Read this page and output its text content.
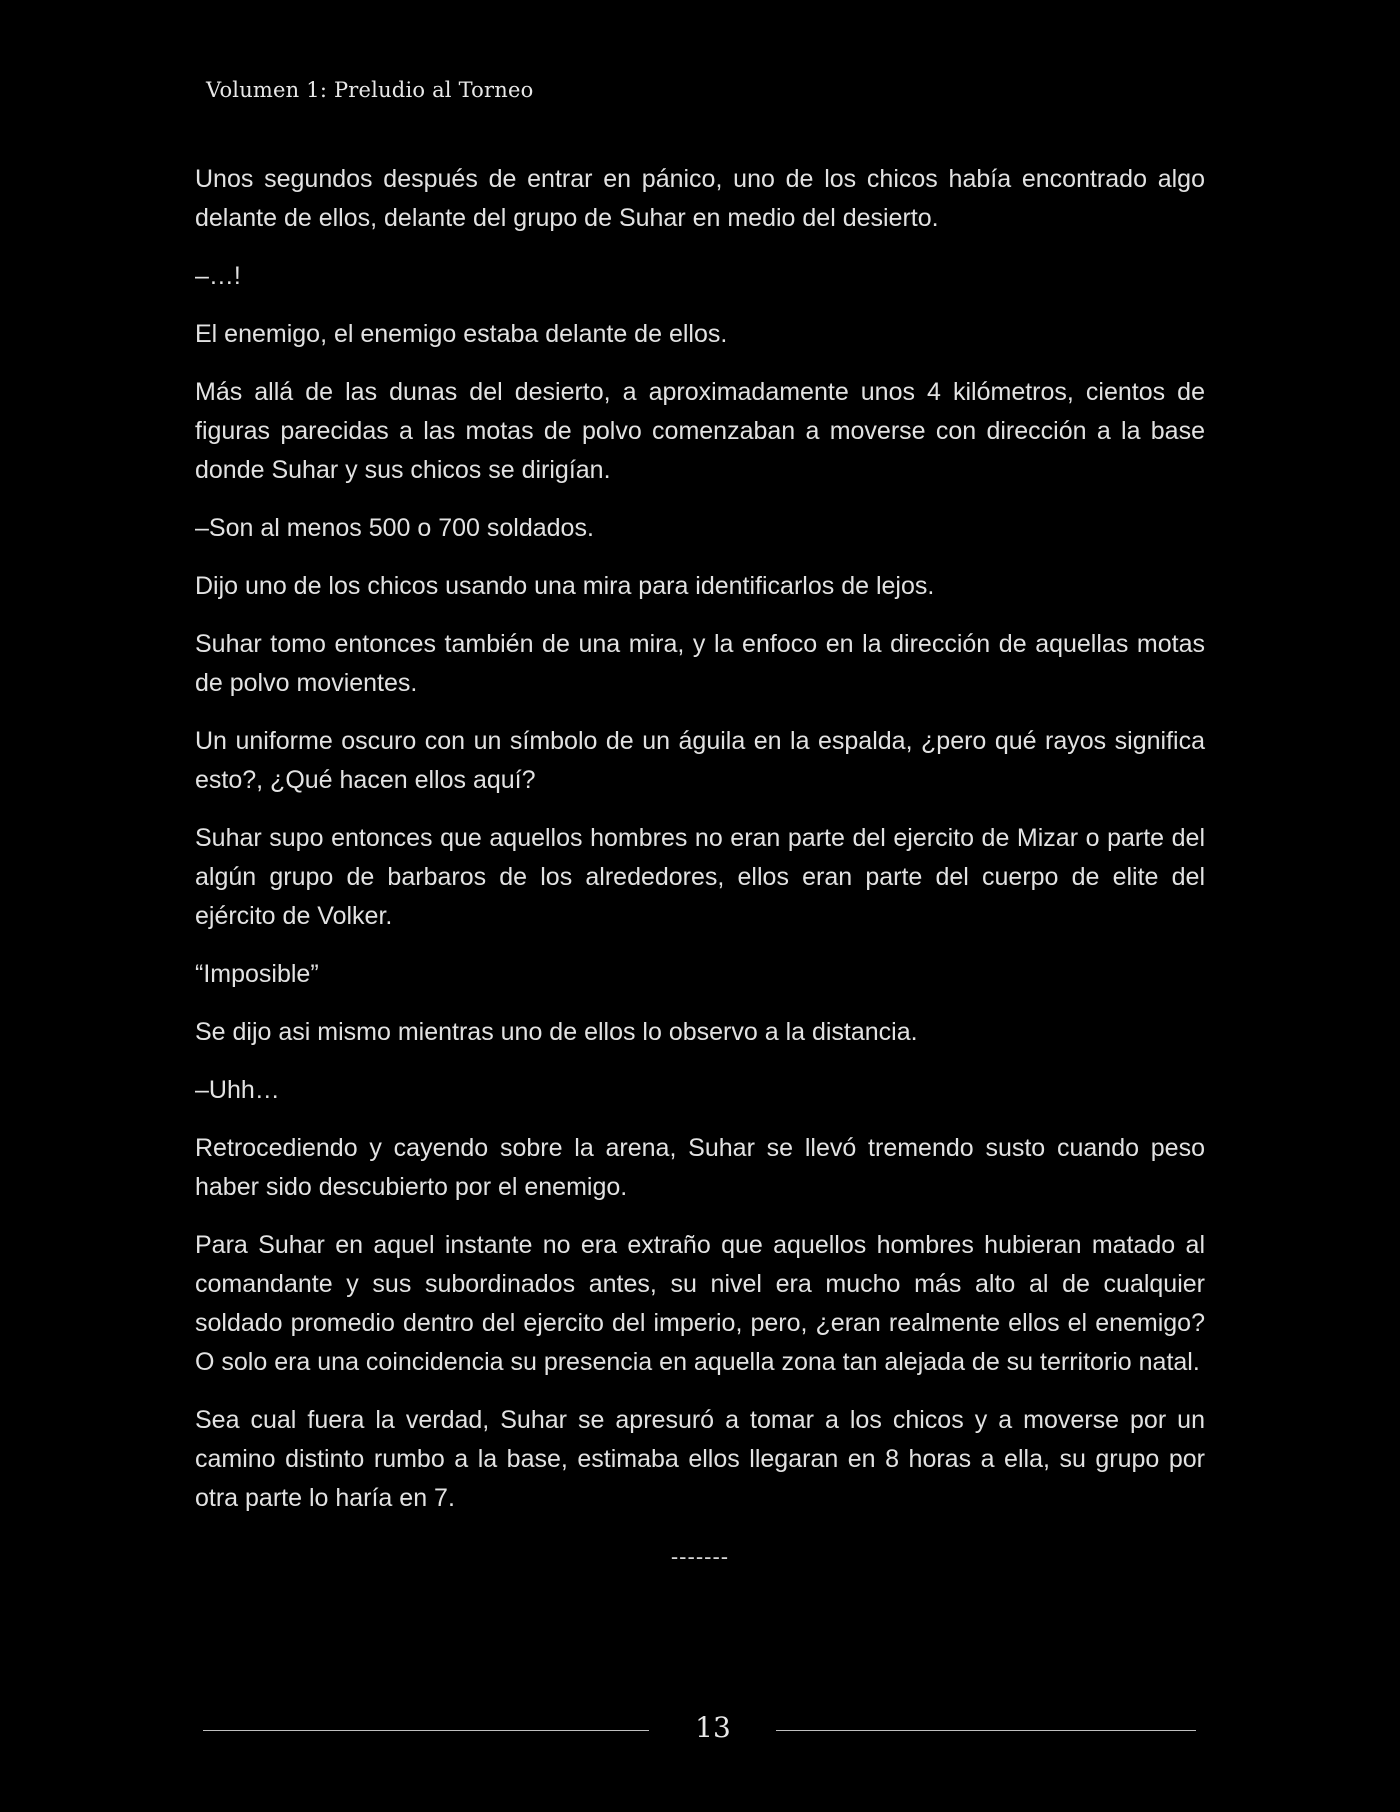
Volumen 1: Preludio al Torneo

Unos segundos después de entrar en pánico, uno de los chicos había encontrado algo delante de ellos, delante del grupo de Suhar en medio del desierto.

–…!

El enemigo, el enemigo estaba delante de ellos.

Más allá de las dunas del desierto, a aproximadamente unos 4 kilómetros, cientos de figuras parecidas a las motas de polvo comenzaban a moverse con dirección a la base donde Suhar y sus chicos se dirigían.

–Son al menos 500 o 700 soldados.

Dijo uno de los chicos usando una mira para identificarlos de lejos.

Suhar tomo entonces también de una mira, y la enfoco en la dirección de aquellas motas de polvo movientes.

Un uniforme oscuro con un símbolo de un águila en la espalda, ¿pero qué rayos significa esto?, ¿Qué hacen ellos aquí?

Suhar supo entonces que aquellos hombres no eran parte del ejercito de Mizar o parte del algún grupo de barbaros de los alrededores, ellos eran parte del cuerpo de elite del ejército de Volker.

“Imposible”

Se dijo asi mismo mientras uno de ellos lo observo a la distancia.

–Uhh…

Retrocediendo y cayendo sobre la arena, Suhar se llevó tremendo susto cuando peso haber sido descubierto por el enemigo.

Para Suhar en aquel instante no era extraño que aquellos hombres hubieran matado al comandante y sus subordinados antes, su nivel era mucho más alto al de cualquier soldado promedio dentro del ejercito del imperio, pero, ¿eran realmente ellos el enemigo? O solo era una coincidencia su presencia en aquella zona tan alejada de su territorio natal.

Sea cual fuera la verdad, Suhar se apresuró a tomar a los chicos y a moverse por un camino distinto rumbo a la base, estimaba ellos llegaran en 8 horas a ella, su grupo por otra parte lo haría en 7.

-------
13
